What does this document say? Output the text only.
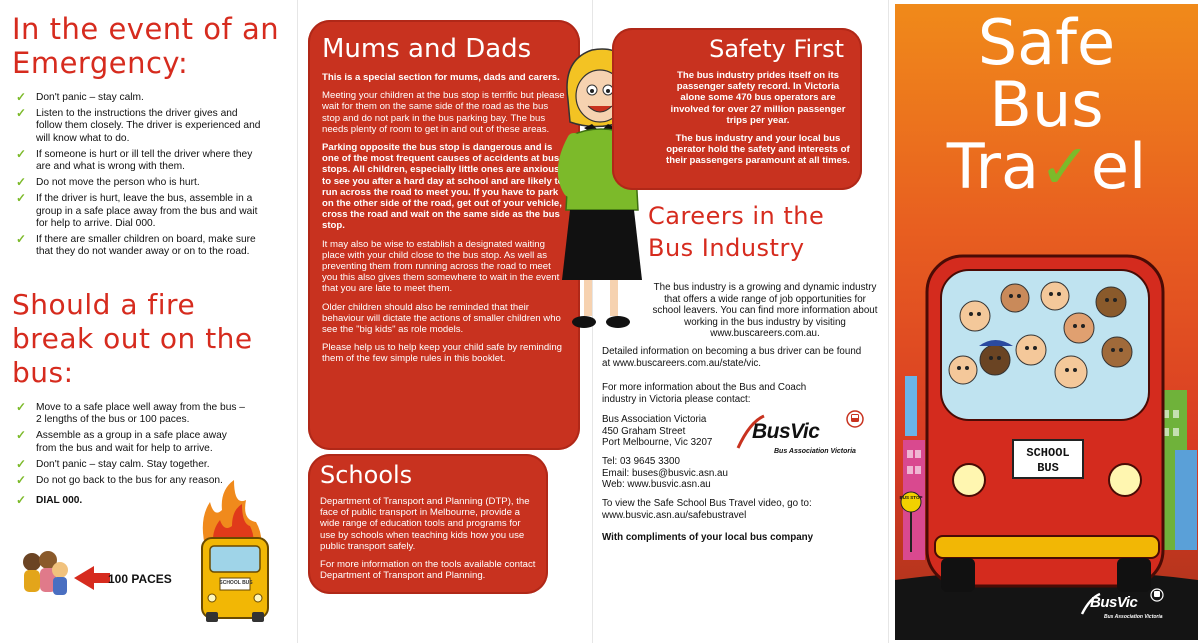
In the event of an
Emergency:
✓ Don't panic – stay calm.
✓ Listen to the instructions the driver gives and follow them closely. The driver is experienced and will know what to do.
✓ If someone is hurt or ill tell the driver where they are and what is wrong with them.
✓ Do not move the person who is hurt.
✓ If the driver is hurt, leave the bus, assemble in a group in a safe place away from the bus and wait for help to arrive. Dial 000.
✓ If there are smaller children on board, make sure that they do not wander away or on to the road.
Should a fire
break out on the
bus:
✓ Move to a safe place well away from the bus – 2 lengths of the bus or 100 paces.
✓ Assemble as a group in a safe place away from the bus and wait for help to arrive.
✓ Don't panic – stay calm. Stay together.
✓ Do not go back to the bus for any reason.
✓ DIAL 000.
100 PACES	SCHOOL BUS
Mums and Dads

This is a special section for mums, dads and carers.

Meeting your children at the bus stop is terrific but please wait for them on the same side of the road as the bus stop and do not park in the bus parking bay. The bus needs plenty of room to get in and out of these areas.

Parking opposite the bus stop is dangerous and is one of the most frequent causes of accidents at bus stops. All children, especially little ones are anxious to see you after a hard day at school and are likely to run across the road to meet you. If you have to park on the other side of the road, get out of your vehicle, cross the road and wait on the same side as the bus stop.

It may also be wise to establish a designated waiting place with your child close to the bus stop. As well as preventing them from running across the road to meet you this also gives them somewhere to wait in the event that you are late to meet them.

Older children should also be reminded that their behaviour will dictate the actions of smaller children who see the "big kids" as role models.

Please help us to help keep your child safe by reminding them of the few simple rules in this booklet.

Schools

Department of Transport and Planning (DTP), the face of public transport in Melbourne, provide a wide range of education tools and programs for use by schools when teaching kids how you use public transport safely.

For more information on the tools available contact Department of Transport and Planning.

Safety First

The bus industry prides itself on its passenger safety record. In Victoria alone some 470 bus operators are involved for over 27 million passenger trips per year.

The bus industry and your local bus operator hold the safety and interests of their passengers paramount at all times.

Careers in the
Bus Industry
The bus industry is a growing and dynamic industry that offers a wide range of job opportunities for school leavers. You can find more information about working in the bus industry by visiting www.buscareers.com.au.
Detailed information on becoming a bus driver can be found at www.buscareers.com.au/state/vic.
For more information about the Bus and Coach industry in Victoria please contact:
Bus Association Victoria
450 Graham Street
Port Melbourne, Vic 3207
Tel: 03 9645 3300
Email: buses@busvic.asn.au
Web: www.busvic.asn.au
To view the Safe School Bus Travel video, go to:
www.busvic.asn.au/safebustravel
With compliments of your local bus company
BusVic
Bus Association Victoria
Safe
Bus
Tra✓el
SCHOOL
BUS
BUS STOP
BusVic
Bus Association Victoria
